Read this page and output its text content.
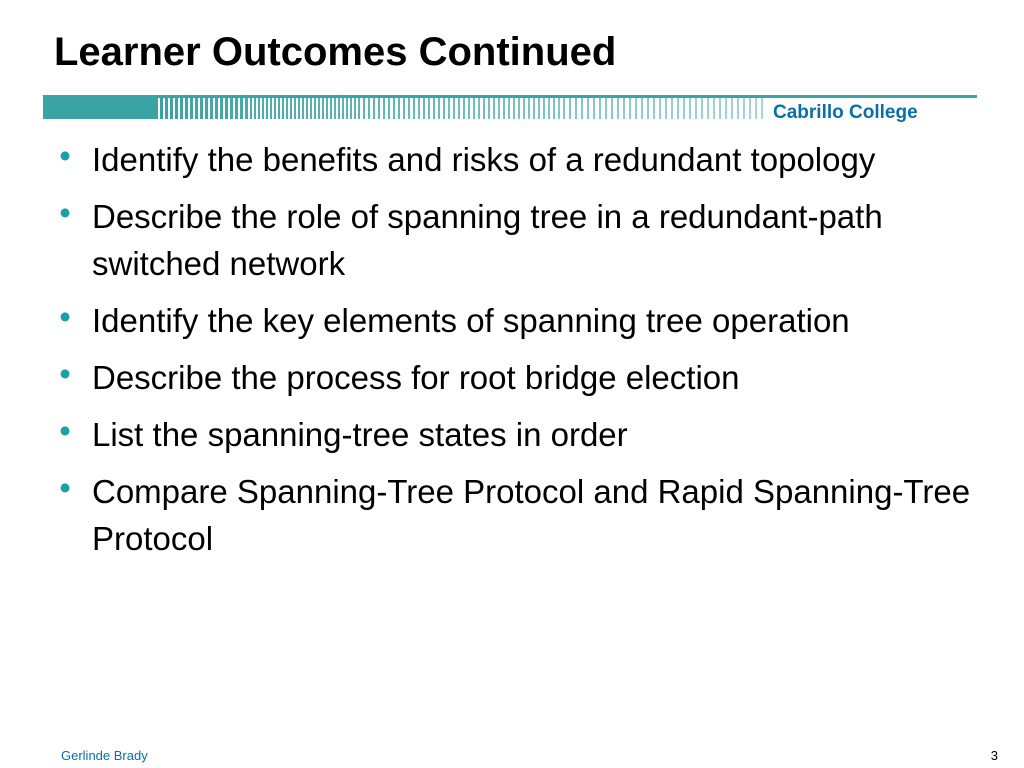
Learner Outcomes Continued
Cabrillo College
• Identify the benefits and risks of a redundant topology
• Describe the role of spanning tree in a redundant-path switched network
• Identify the key elements of spanning tree operation
• Describe the process for root bridge election
• List the spanning-tree states in order
• Compare Spanning-Tree Protocol and Rapid Spanning-Tree Protocol
Gerlinde Brady	3
